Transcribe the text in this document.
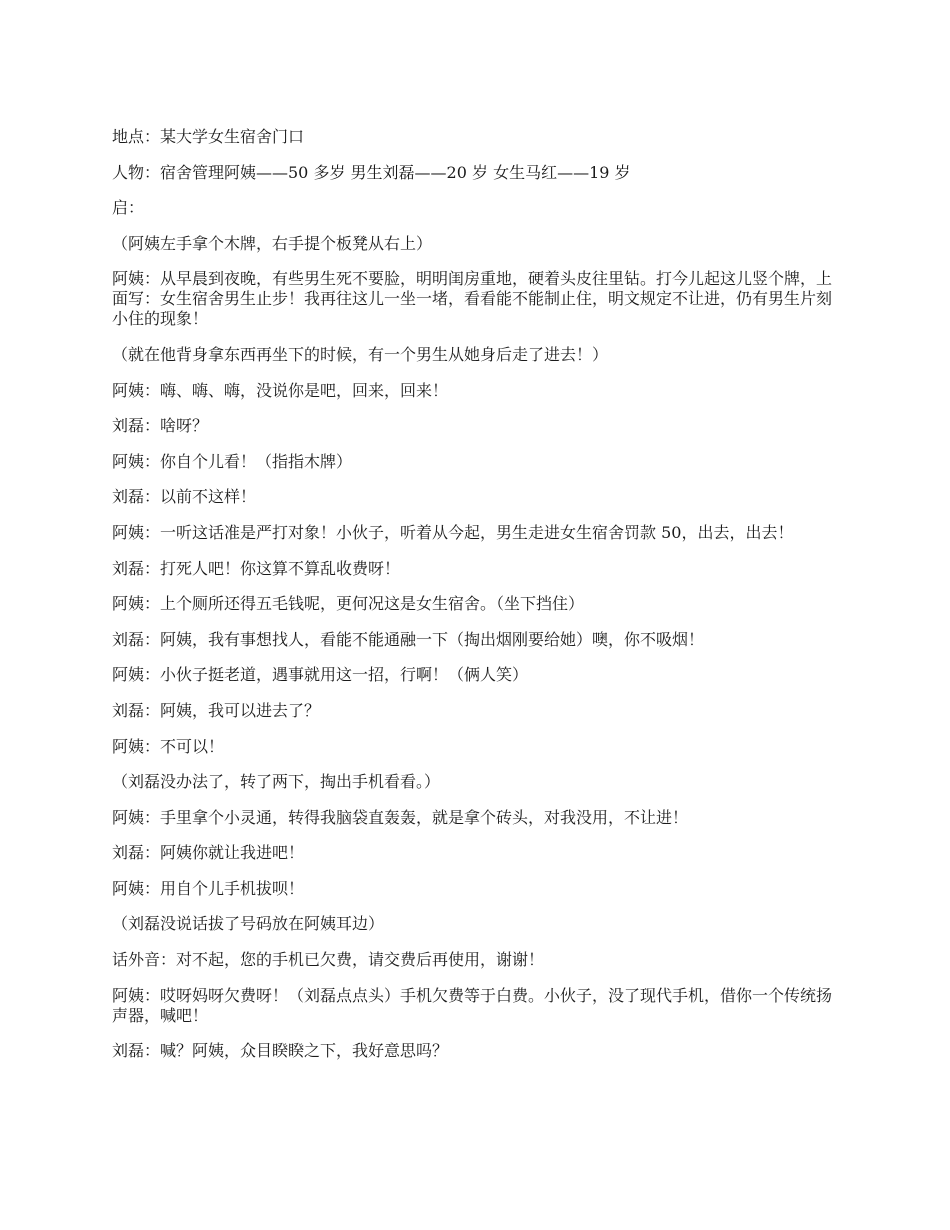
地点：某大学女生宿舍门口

人物：宿舍管理阿姨——50 多岁 男生刘磊——20 岁 女生马红——19 岁

启：

（阿姨左手拿个木牌，右手提个板凳从右上）

阿姨：从早晨到夜晚，有些男生死不要脸，明明闺房重地，硬着头皮往里钻。打今儿起这儿竖个牌，上面写：女生宿舍男生止步！我再往这儿一坐一堵，看看能不能制止住，明文规定不让进，仍有男生片刻小住的现象！

（就在他背身拿东西再坐下的时候，有一个男生从她身后走了进去！）

阿姨：嗨、嗨、嗨，没说你是吧，回来，回来！

刘磊：啥呀？

阿姨：你自个儿看！（指指木牌）

刘磊：以前不这样！

阿姨：一听这话准是严打对象！小伙子，听着从今起，男生走进女生宿舍罚款 50，出去，出去！

刘磊：打死人吧！你这算不算乱收费呀！

阿姨：上个厕所还得五毛钱呢，更何况这是女生宿舍。（坐下挡住）

刘磊：阿姨，我有事想找人，看能不能通融一下（掏出烟刚要给她）噢，你不吸烟！

阿姨：小伙子挺老道，遇事就用这一招，行啊！（俩人笑）

刘磊：阿姨，我可以进去了？

阿姨：不可以！

（刘磊没办法了，转了两下，掏出手机看看。）

阿姨：手里拿个小灵通，转得我脑袋直轰轰，就是拿个砖头，对我没用，不让进！

刘磊：阿姨你就让我进吧！

阿姨：用自个儿手机拔呗！

（刘磊没说话拔了号码放在阿姨耳边）

话外音：对不起，您的手机已欠费，请交费后再使用，谢谢！

阿姨：哎呀妈呀欠费呀！（刘磊点点头）手机欠费等于白费。小伙子，没了现代手机，借你一个传统扬声器，喊吧！

刘磊：喊？阿姨，众目睽睽之下，我好意思吗？
